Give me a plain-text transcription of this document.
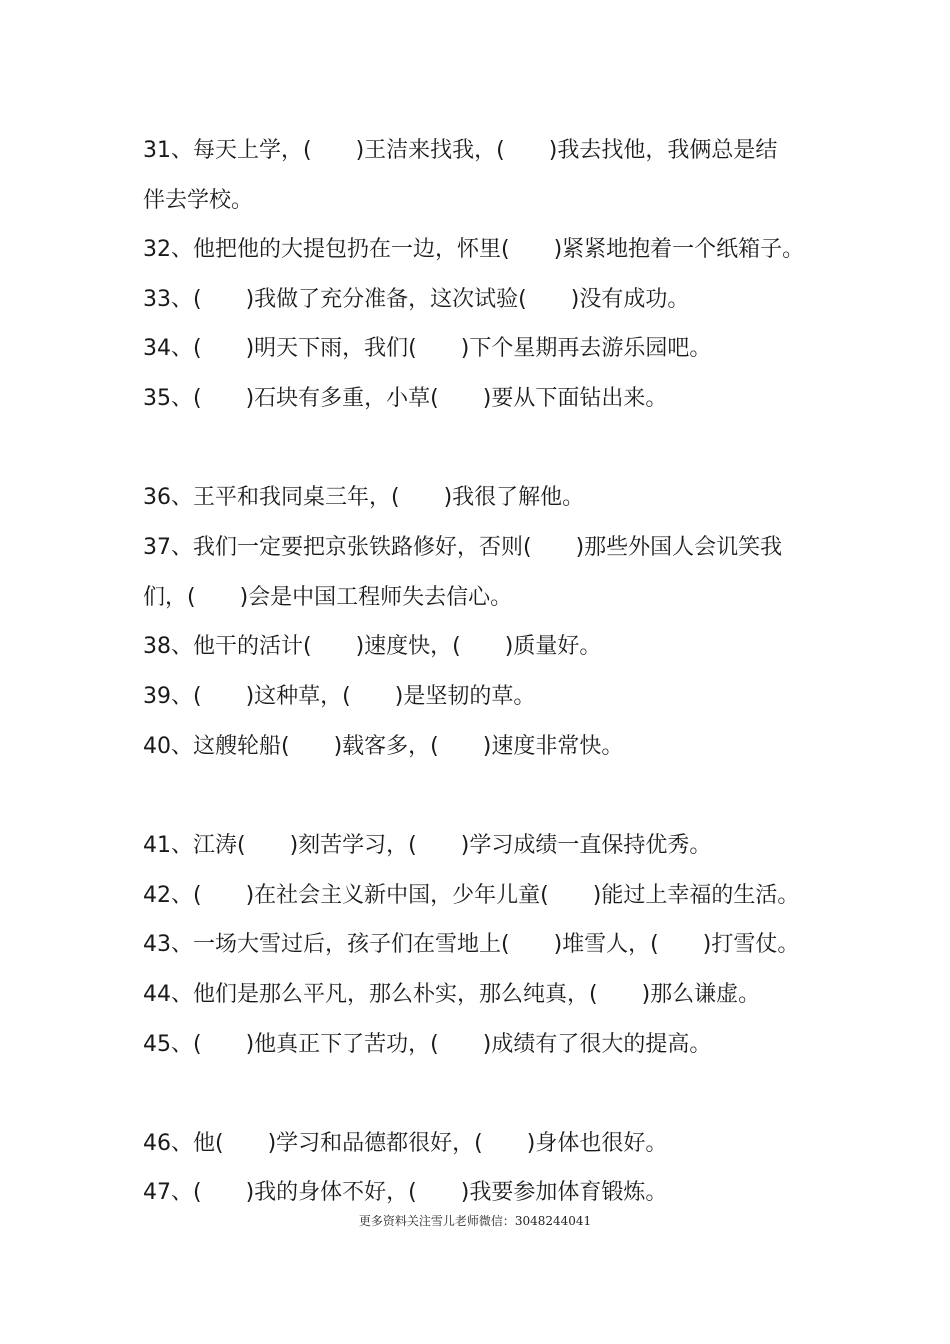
31、每天上学，(　　)王洁来找我，(　　)我去找他，我俩总是结
伴去学校。
32、他把他的大提包扔在一边，怀里(　　)紧紧地抱着一个纸箱子。
33、(　　)我做了充分准备，这次试验(　　)没有成功。
34、(　　)明天下雨，我们(　　)下个星期再去游乐园吧。
35、(　　)石块有多重，小草(　　)要从下面钻出来。
36、王平和我同桌三年，(　　)我很了解他。
37、我们一定要把京张铁路修好，否则(　　)那些外国人会讥笑我
们，(　　)会是中国工程师失去信心。
38、他干的活计(　　)速度快，(　　)质量好。
39、(　　)这种草，(　　)是坚韧的草。
40、这艘轮船(　　)载客多，(　　)速度非常快。
41、江涛(　　)刻苦学习，(　　)学习成绩一直保持优秀。
42、(　　)在社会主义新中国，少年儿童(　　)能过上幸福的生活。
43、一场大雪过后，孩子们在雪地上(　　)堆雪人，(　　)打雪仗。
44、他们是那么平凡，那么朴实，那么纯真，(　　)那么谦虚。
45、(　　)他真正下了苦功，(　　)成绩有了很大的提高。
46、他(　　)学习和品德都很好，(　　)身体也很好。
47、(　　)我的身体不好，(　　)我要参加体育锻炼。
更多资料关注雪儿老师微信：3048244041
